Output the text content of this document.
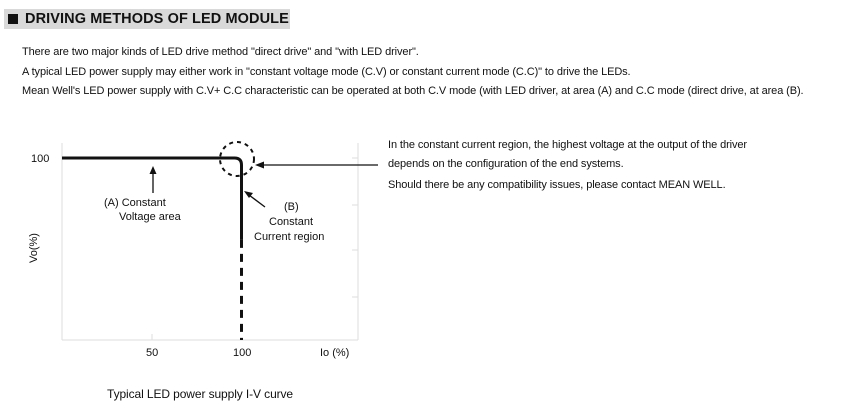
DRIVING METHODS OF LED MODULE
There are two major kinds of LED drive method "direct drive" and "with LED driver".
A typical LED power supply may either work in "constant voltage mode (C.V) or constant current mode (C.C)" to drive the LEDs.
Mean Well's LED power supply with C.V+ C.C characteristic can be operated at both C.V mode (with LED driver, at area (A) and C.C mode (direct drive, at area (B).
100
50	100	Io (%)
Vo(%)
(A) Constant
Voltage area
(B)
Constant
Current region
In the constant current region, the highest voltage at the output of the driver
depends on the configuration of the end systems.
Should there be any compatibility issues, please contact MEAN WELL.
Typical LED power supply I-V curve
